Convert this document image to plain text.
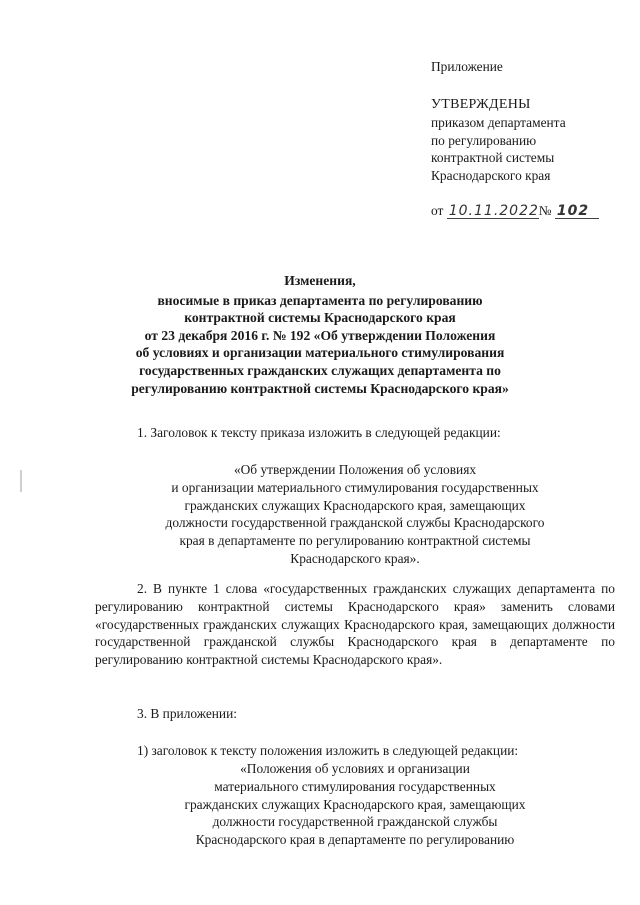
Приложение
УТВЕРЖДЕНЫ
приказом департамента
по регулированию
контрактной системы
Краснодарского края
от 10.11.2022№ 102
Изменения,
вносимые в приказ департамента по регулированию
контрактной системы Краснодарского края
от 23 декабря 2016 г. № 192 «Об утверждении Положения
об условиях и организации материального стимулирования
государственных гражданских служащих департамента по
регулированию контрактной системы Краснодарского края»
1. Заголовок к тексту приказа изложить в следующей редакции:
«Об утверждении Положения об условиях
и организации материального стимулирования государственных
гражданских служащих Краснодарского края, замещающих
должности государственной гражданской службы Краснодарского
края в департаменте по регулированию контрактной системы
Краснодарского края».
2. В пункте 1 слова «государственных гражданских служащих департамента по регулированию контрактной системы Краснодарского края» заменить словами «государственных гражданских служащих Краснодарского края, замещающих должности государственной гражданской службы Краснодарского края в департаменте по регулированию контрактной системы Краснодарского края».
3. В приложении:
1) заголовок к тексту положения изложить в следующей редакции:
«Положения об условиях и организации
материального стимулирования государственных
гражданских служащих Краснодарского края, замещающих
должности государственной гражданской службы
Краснодарского края в департаменте по регулированию
